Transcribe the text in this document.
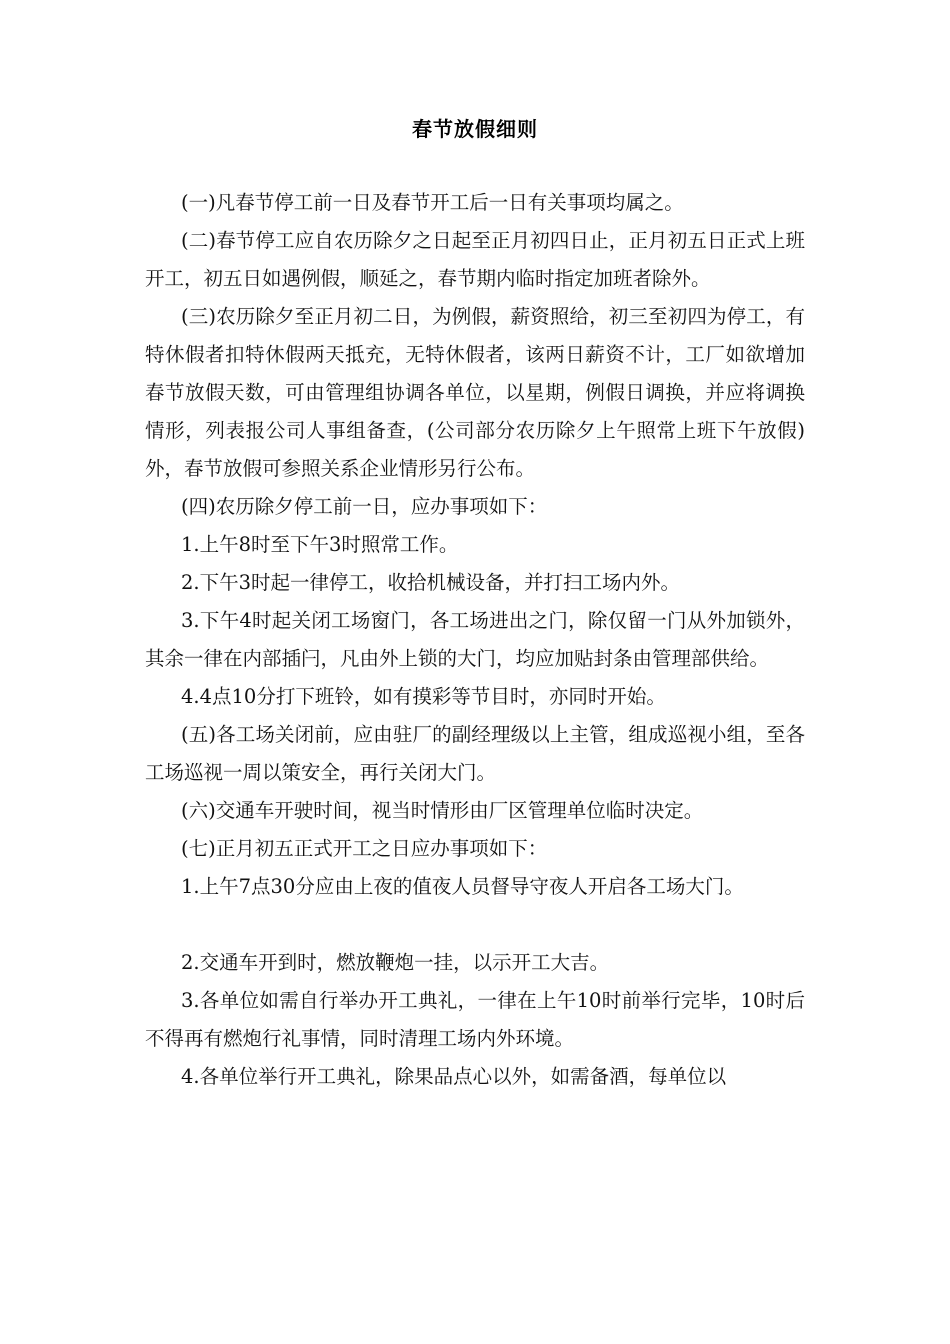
春节放假细则

(一)凡春节停工前一日及春节开工后一日有关事项均属之。

(二)春节停工应自农历除夕之日起至正月初四日止，正月初五日正式上班开工，初五日如遇例假，顺延之，春节期内临时指定加班者除外。

(三)农历除夕至正月初二日，为例假，薪资照给，初三至初四为停工，有特休假者扣特休假两天抵充，无特休假者，该两日薪资不计，工厂如欲增加春节放假天数，可由管理组协调各单位，以星期，例假日调换，并应将调换情形，列表报公司人事组备查，(公司部分农历除夕上午照常上班下午放假)外，春节放假可参照关系企业情形另行公布。

(四)农历除夕停工前一日，应办事项如下：

1.上午8时至下午3时照常工作。

2.下午3时起一律停工，收拾机械设备，并打扫工场内外。

3.下午4时起关闭工场窗门，各工场进出之门，除仅留一门从外加锁外，其余一律在内部插闩，凡由外上锁的大门，均应加贴封条由管理部供给。

4.4点10分打下班铃，如有摸彩等节目时，亦同时开始。

(五)各工场关闭前，应由驻厂的副经理级以上主管，组成巡视小组，至各工场巡视一周以策安全，再行关闭大门。

(六)交通车开驶时间，视当时情形由厂区管理单位临时决定。

(七)正月初五正式开工之日应办事项如下：

1.上午7点30分应由上夜的值夜人员督导守夜人开启各工场大门。

2.交通车开到时，燃放鞭炮一挂，以示开工大吉。

3.各单位如需自行举办开工典礼，一律在上午10时前举行完毕，10时后不得再有燃炮行礼事情，同时清理工场内外环境。

4.各单位举行开工典礼，除果品点心以外，如需备酒，每单位以
